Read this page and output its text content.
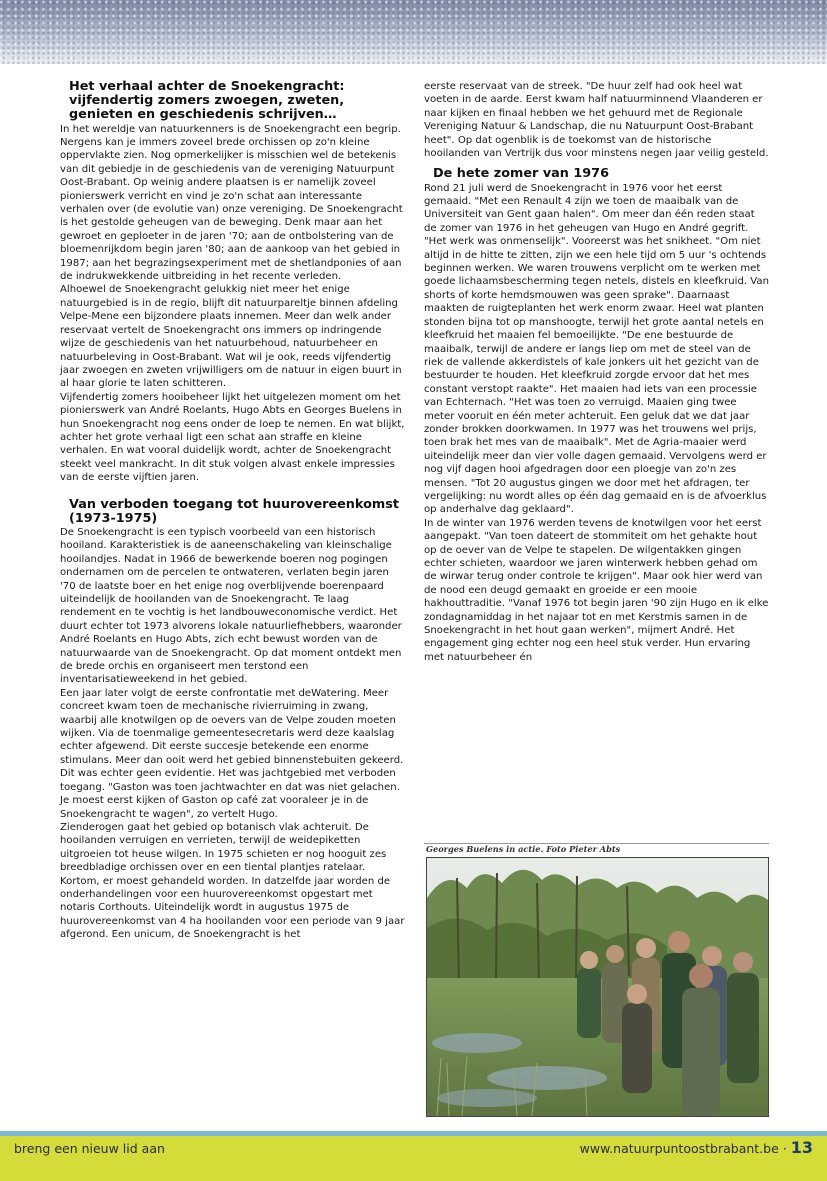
Het verhaal achter de Snoekengracht: vijfendertig zomers zwoegen, zweten, genieten en geschiedenis schrijven…

In het wereldje van natuurkenners is de Snoekengracht een begrip. Nergens kan je immers zoveel brede orchissen op zo'n kleine oppervlakte zien. Nog opmerkelijker is misschien wel de betekenis van dit gebiedje in de geschiedenis van de vereniging Natuurpunt Oost-Brabant. Op weinig andere plaatsen is er namelijk zoveel pionierswerk verricht en vind je zo'n schat aan interessante verhalen over (de evolutie van) onze vereniging. De Snoekengracht is het gestolde geheugen van de beweging. Denk maar aan het gewroet en geploeter in de jaren '70; aan de ontbolstering van de bloemenrijkdom begin jaren '80; aan de aankoop van het gebied in 1987; aan het begrazingsexperiment met de shetlandponies of aan de indrukwekkende uitbreiding in het recente verleden.

Alhoewel de Snoekengracht gelukkig niet meer het enige natuurgebied is in de regio, blijft dit natuurpareltje binnen afdeling Velpe-Mene een bijzondere plaats innemen. Meer dan welk ander reservaat vertelt de Snoekengracht ons immers op indringende wijze de geschiedenis van het natuurbehoud, natuurbeheer en natuurbeleving in Oost-Brabant. Wat wil je ook, reeds vijfendertig jaar zwoegen en zweten vrijwilligers om de natuur in eigen buurt in al haar glorie te laten schitteren.

Vijfendertig zomers hooibeheer lijkt het uitgelezen moment om het pionierswerk van André Roelants, Hugo Abts en Georges Buelens in hun Snoekengracht nog eens onder de loep te nemen. En wat blijkt, achter het grote verhaal ligt een schat aan straffe en kleine verhalen. En wat vooral duidelijk wordt, achter de Snoekengracht steekt veel mankracht. In dit stuk volgen alvast enkele impressies van de eerste vijftien jaren.

Van verboden toegang tot huurovereenkomst (1973-1975)

De Snoekengracht is een typisch voorbeeld van een historisch hooiland. Karakteristiek is de aaneenschakeling van kleinschalige hooilandjes. Nadat in 1966 de bewerkende boeren nog pogingen ondernamen om de percelen te ontwateren, verlaten begin jaren '70 de laatste boer en het enige nog overblijvende boerenpaard uiteindelijk de hooilanden van de Snoekengracht. Te laag rendement en te vochtig is het landbouweconomische verdict. Het duurt echter tot 1973 alvorens lokale natuurliefhebbers, waaronder André Roelants en Hugo Abts, zich echt bewust worden van de natuurwaarde van de Snoekengracht. Op dat moment ontdekt men de brede orchis en organiseert men terstond een inventarisatieweekend in het gebied.

Een jaar later volgt de eerste confrontatie met deWatering. Meer concreet kwam toen de mechanische rivierruiming in zwang, waarbij alle knotwilgen op de oevers van de Velpe zouden moeten wijken. Via de toenmalige gemeentesecretaris werd deze kaalslag echter afgewend. Dit eerste succesje betekende een enorme stimulans. Meer dan ooit werd het gebied binnenstebuiten gekeerd. Dit was echter geen evidentie. Het was jachtgebied met verboden toegang. "Gaston was toen jachtwachter en dat was niet gelachen. Je moest eerst kijken of Gaston op café zat vooraleer je in de Snoekengracht te wagen", zo vertelt Hugo.

Zienderogen gaat het gebied op botanisch vlak achteruit. De hooilanden verruigen en verrieten, terwijl de weidepiketten uitgroeien tot heuse wilgen. In 1975 schieten er nog hooguit zes breedbladige orchissen over en een tiental plantjes ratelaar. Kortom, er moest gehandeld worden. In datzelfde jaar worden de onderhandelingen voor een huurovereenkomst opgestart met notaris Corthouts. Uiteindelijk wordt in augustus 1975 de huurovereenkomst van 4 ha hooilanden voor een periode van 9 jaar afgerond. Een unicum, de Snoekengracht is het

eerste reservaat van de streek. "De huur zelf had ook heel wat voeten in de aarde. Eerst kwam half natuurminnend Vlaanderen er naar kijken en finaal hebben we het gehuurd met de Regionale Vereniging Natuur & Landschap, die nu Natuurpunt Oost-Brabant heet". Op dat ogenblik is de toekomst van de historische hooilanden van Vertrijk dus voor minstens negen jaar veilig gesteld.

De hete zomer van 1976

Rond 21 juli werd de Snoekengracht in 1976 voor het eerst gemaaid. "Met een Renault 4 zijn we toen de maaibalk van de Universiteit van Gent gaan halen". Om meer dan één reden staat de zomer van 1976 in het geheugen van Hugo en André gegrift. "Het werk was onmenselijk". Vooreerst was het snikheet. "Om niet altijd in de hitte te zitten, zijn we een hele tijd om 5 uur 's ochtends beginnen werken. We waren trouwens verplicht om te werken met goede lichaamsbescherming tegen netels, distels en kleefkruid. Van shorts of korte hemdsmouwen was geen sprake". Daarnaast maakten de ruigteplanten het werk enorm zwaar. Heel wat planten stonden bijna tot op manshoogte, terwijl het grote aantal netels en kleefkruid het maaien fel bemoeilijkte. "De ene bestuurde de maaibalk, terwijl de andere er langs liep om met de steel van de riek de vallende akkerdistels of kale jonkers uit het gezicht van de bestuurder te houden. Het kleefkruid zorgde ervoor dat het mes constant verstopt raakte". Het maaien had iets van een processie van Echternach. "Het was toen zo verruigd. Maaien ging twee meter vooruit en één meter achteruit. Een geluk dat we dat jaar zonder brokken doorkwamen. In 1977 was het trouwens wel prijs, toen brak het mes van de maaibalk". Met de Agria-maaier werd uiteindelijk meer dan vier volle dagen gemaaid. Vervolgens werd er nog vijf dagen hooi afgedragen door een ploegje van zo'n zes mensen. "Tot 20 augustus gingen we door met het afdragen, ter vergelijking: nu wordt alles op één dag gemaaid en is de afvoerklus op anderhalve dag geklaard".

In de winter van 1976 werden tevens de knotwilgen voor het eerst aangepakt. "Van toen dateert de stommiteit om het gehakte hout op de oever van de Velpe te stapelen. De wilgentakken gingen echter schieten, waardoor we jaren winterwerk hebben gehad om de wirwar terug onder controle te krijgen". Maar ook hier werd van de nood een deugd gemaakt en groeide er een mooie hakhouttraditie. "Vanaf 1976 tot begin jaren '90 zijn Hugo en ik elke zondagnamiddag in het najaar tot en met Kerstmis samen in de Snoekengracht in het hout gaan werken", mijmert André. Het engagement ging echter nog een heel stuk verder. Hun ervaring met natuurbeheer én

Georges Buelens in actie. Foto Pieter Abts
breng een nieuw lid aan	www.natuurpuntoostbrabant.be · 13
